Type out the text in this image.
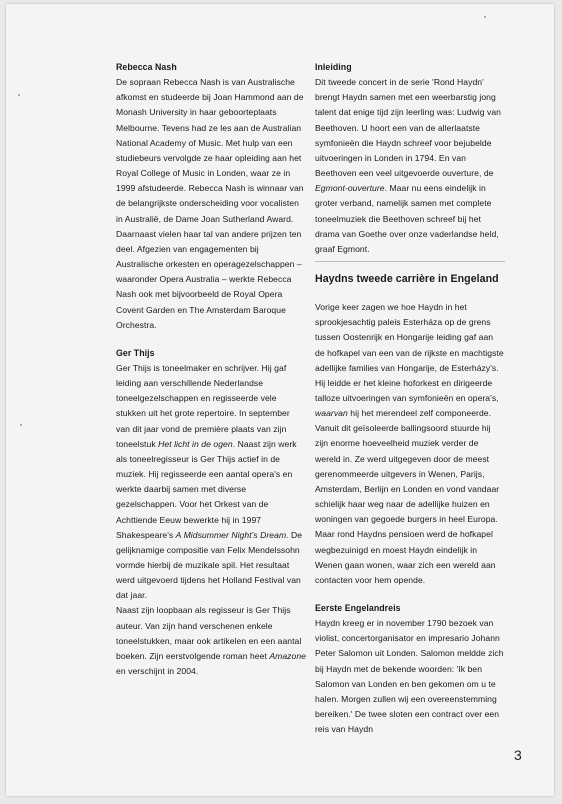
Rebecca Nash

De sopraan Rebecca Nash is van Australische afkomst en studeerde bij Joan Hammond aan de Monash University in haar geboorteplaats Melbourne. Tevens had ze les aan de Australian National Academy of Music. Met hulp van een studiebeurs vervolgde ze haar opleiding aan het Royal College of Music in Londen, waar ze in 1999 afstudeerde. Rebecca Nash is winnaar van de belangrijkste onderscheiding voor vocalisten in Australië, de Dame Joan Sutherland Award. Daarnaast vielen haar tal van andere prijzen ten deel. Afgezien van engagementen bij Australische orkesten en operagezelschappen – waaronder Opera Australia – werkte Rebecca Nash ook met bijvoorbeeld de Royal Opera Covent Garden en The Amsterdam Baroque Orchestra.

Ger Thijs

Ger Thijs is toneelmaker en schrijver. Hij gaf leiding aan verschillende Nederlandse toneelgezelschappen en regisseerde vele stukken uit het grote repertoire. In september van dit jaar vond de première plaats van zijn toneelstuk Het licht in de ogen. Naast zijn werk als toneelregisseur is Ger Thijs actief in de muziek. Hij regisseerde een aantal opera's en werkte daarbij samen met diverse gezelschappen. Voor het Orkest van de Achttiende Eeuw bewerkte hij in 1997 Shakespeare's A Midsummer Night's Dream. De gelijknamige compositie van Felix Mendelssohn vormde hierbij de muzikale spil. Het resultaat werd uitgevoerd tijdens het Holland Festival van dat jaar.

Naast zijn loopbaan als regisseur is Ger Thijs auteur. Van zijn hand verschenen enkele toneelstukken, maar ook artikelen en een aantal boeken. Zijn eerstvolgende roman heet Amazone en verschijnt in 2004.

Inleiding

Dit tweede concert in de serie 'Rond Haydn' brengt Haydn samen met een weerbarstig jong talent dat enige tijd zijn leerling was: Ludwig van Beethoven. U hoort een van de allerlaatste symfonieën die Haydn schreef voor bejubelde uitvoeringen in Londen in 1794. En van Beethoven een veel uitgevoerde ouverture, de Egmont-ouverture. Maar nu eens eindelijk in groter verband, namelijk samen met complete toneelmuziek die Beethoven schreef bij het drama van Goethe over onze vaderlandse held, graaf Egmont.

Haydns tweede carrière in Engeland

Vorige keer zagen we hoe Haydn in het sprookjesachtig paleis Esterháza op de grens tussen Oostenrijk en Hongarije leiding gaf aan de hofkapel van een van de rijkste en machtigste adellijke families van Hongarije, de Esterházy's. Hij leidde er het kleine hoforkest en dirigeerde talloze uitvoeringen van symfonieën en opera's, waarvan hij het merendeel zelf componeerde. Vanuit dit geïsoleerde ballingsoord stuurde hij zijn enorme hoeveelheid muziek verder de wereld in. Ze werd uitgegeven door de meest gerenommeerde uitgevers in Wenen, Parijs, Amsterdam, Berlijn en Londen en vond vandaar schielijk haar weg naar de adellijke huizen en woningen van gegoede burgers in heel Europa. Maar rond Haydns pensioen werd de hofkapel wegbezuinigd en moest Haydn eindelijk in Wenen gaan wonen, waar zich een wereld aan contacten voor hem opende.

Eerste Engelandreis

Haydn kreeg er in november 1790 bezoek van violist, concertorganisator en impresario Johann Peter Salomon uit Londen. Salomon meldde zich bij Haydn met de bekende woorden: 'Ik ben Salomon van Londen en ben gekomen om u te halen. Morgen zullen wij een overeenstemming bereiken.' De twee sloten een contract over een reis van Haydn

3
